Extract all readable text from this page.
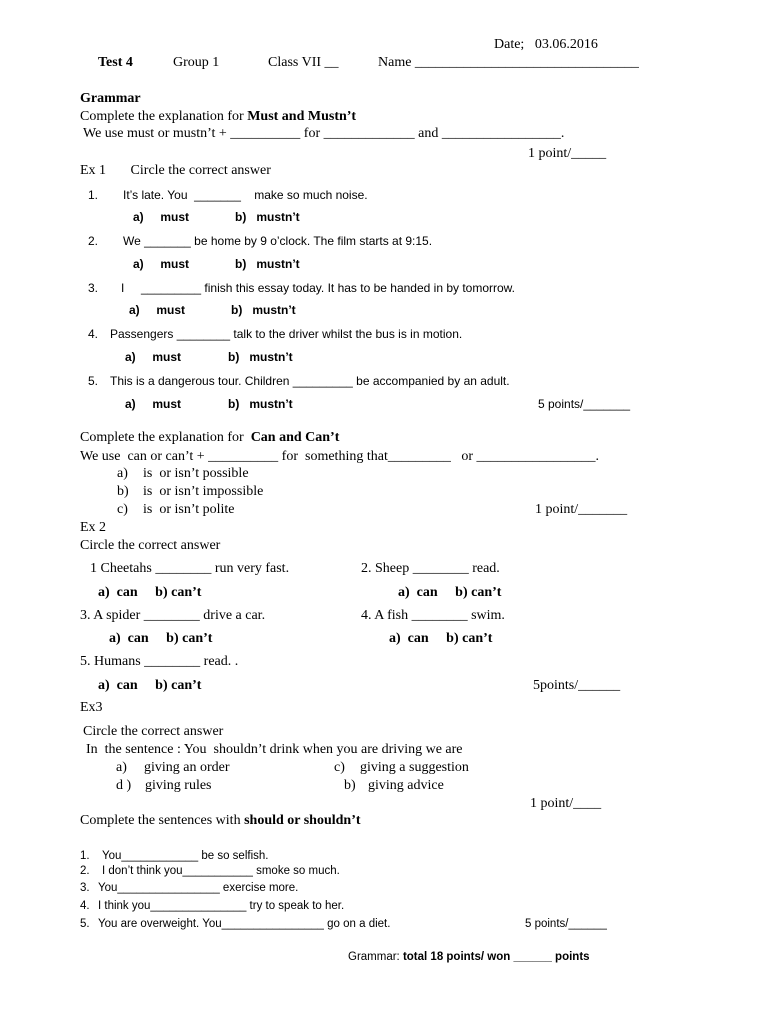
Date;   03.06.2016
Test 4	Group 1	Class VII __	Name ________________________________
Grammar
Complete the explanation for Must and Mustn’t
We use must or mustn’t + __________ for _____________ and _________________.
1 point/_____
Ex 1       Circle the correct answer
1. It’s late. You  _______    make so much noise.
a)     must	b)   mustn’t
2. We _______ be home by 9 o’clock. The film starts at 9:15.
a)     must	b)   mustn’t
3. I     _________ finish this essay today. It has to be handed in by tomorrow.
a)     must	b)   mustn’t
4. Passengers ________ talk to the driver whilst the bus is in motion.
a)     must	b)   mustn’t
5. This is a dangerous tour. Children _________ be accompanied by an adult.
a)     must	b)   mustn’t	5 points/_______
Complete the explanation for  Can and Can’t
We use  can or can’t + __________ for  something that_________   or _________________.
a) is  or isn’t possible
b) is  or isn’t impossible
c) is  or isn’t polite	1 point/_______
Ex 2
Circle the correct answer
1 Cheetahs ________ run very fast.	2. Sheep ________ read.
a)  can     b) can’t	a)  can     b) can’t
3. A spider ________ drive a car.	4. A fish ________ swim.
a)  can     b) can’t	a)  can     b) can’t
5. Humans ________ read. .
a)  can     b) can’t	5points/______
Ex3
Circle the correct answer
In  the sentence : You  shouldn’t drink when you are driving we are
a) giving an order	c) giving a suggestion
d ) giving rules	b) giving advice
1 point/____
Complete the sentences with should or shouldn’t
1. You____________ be so selfish.
2. I don’t think you___________ smoke so much.
3. You________________ exercise more.
4. I think you_______________ try to speak to her.
5. You are overweight. You________________ go on a diet.	5 points/______
Grammar: total 18 points/ won ______ points
